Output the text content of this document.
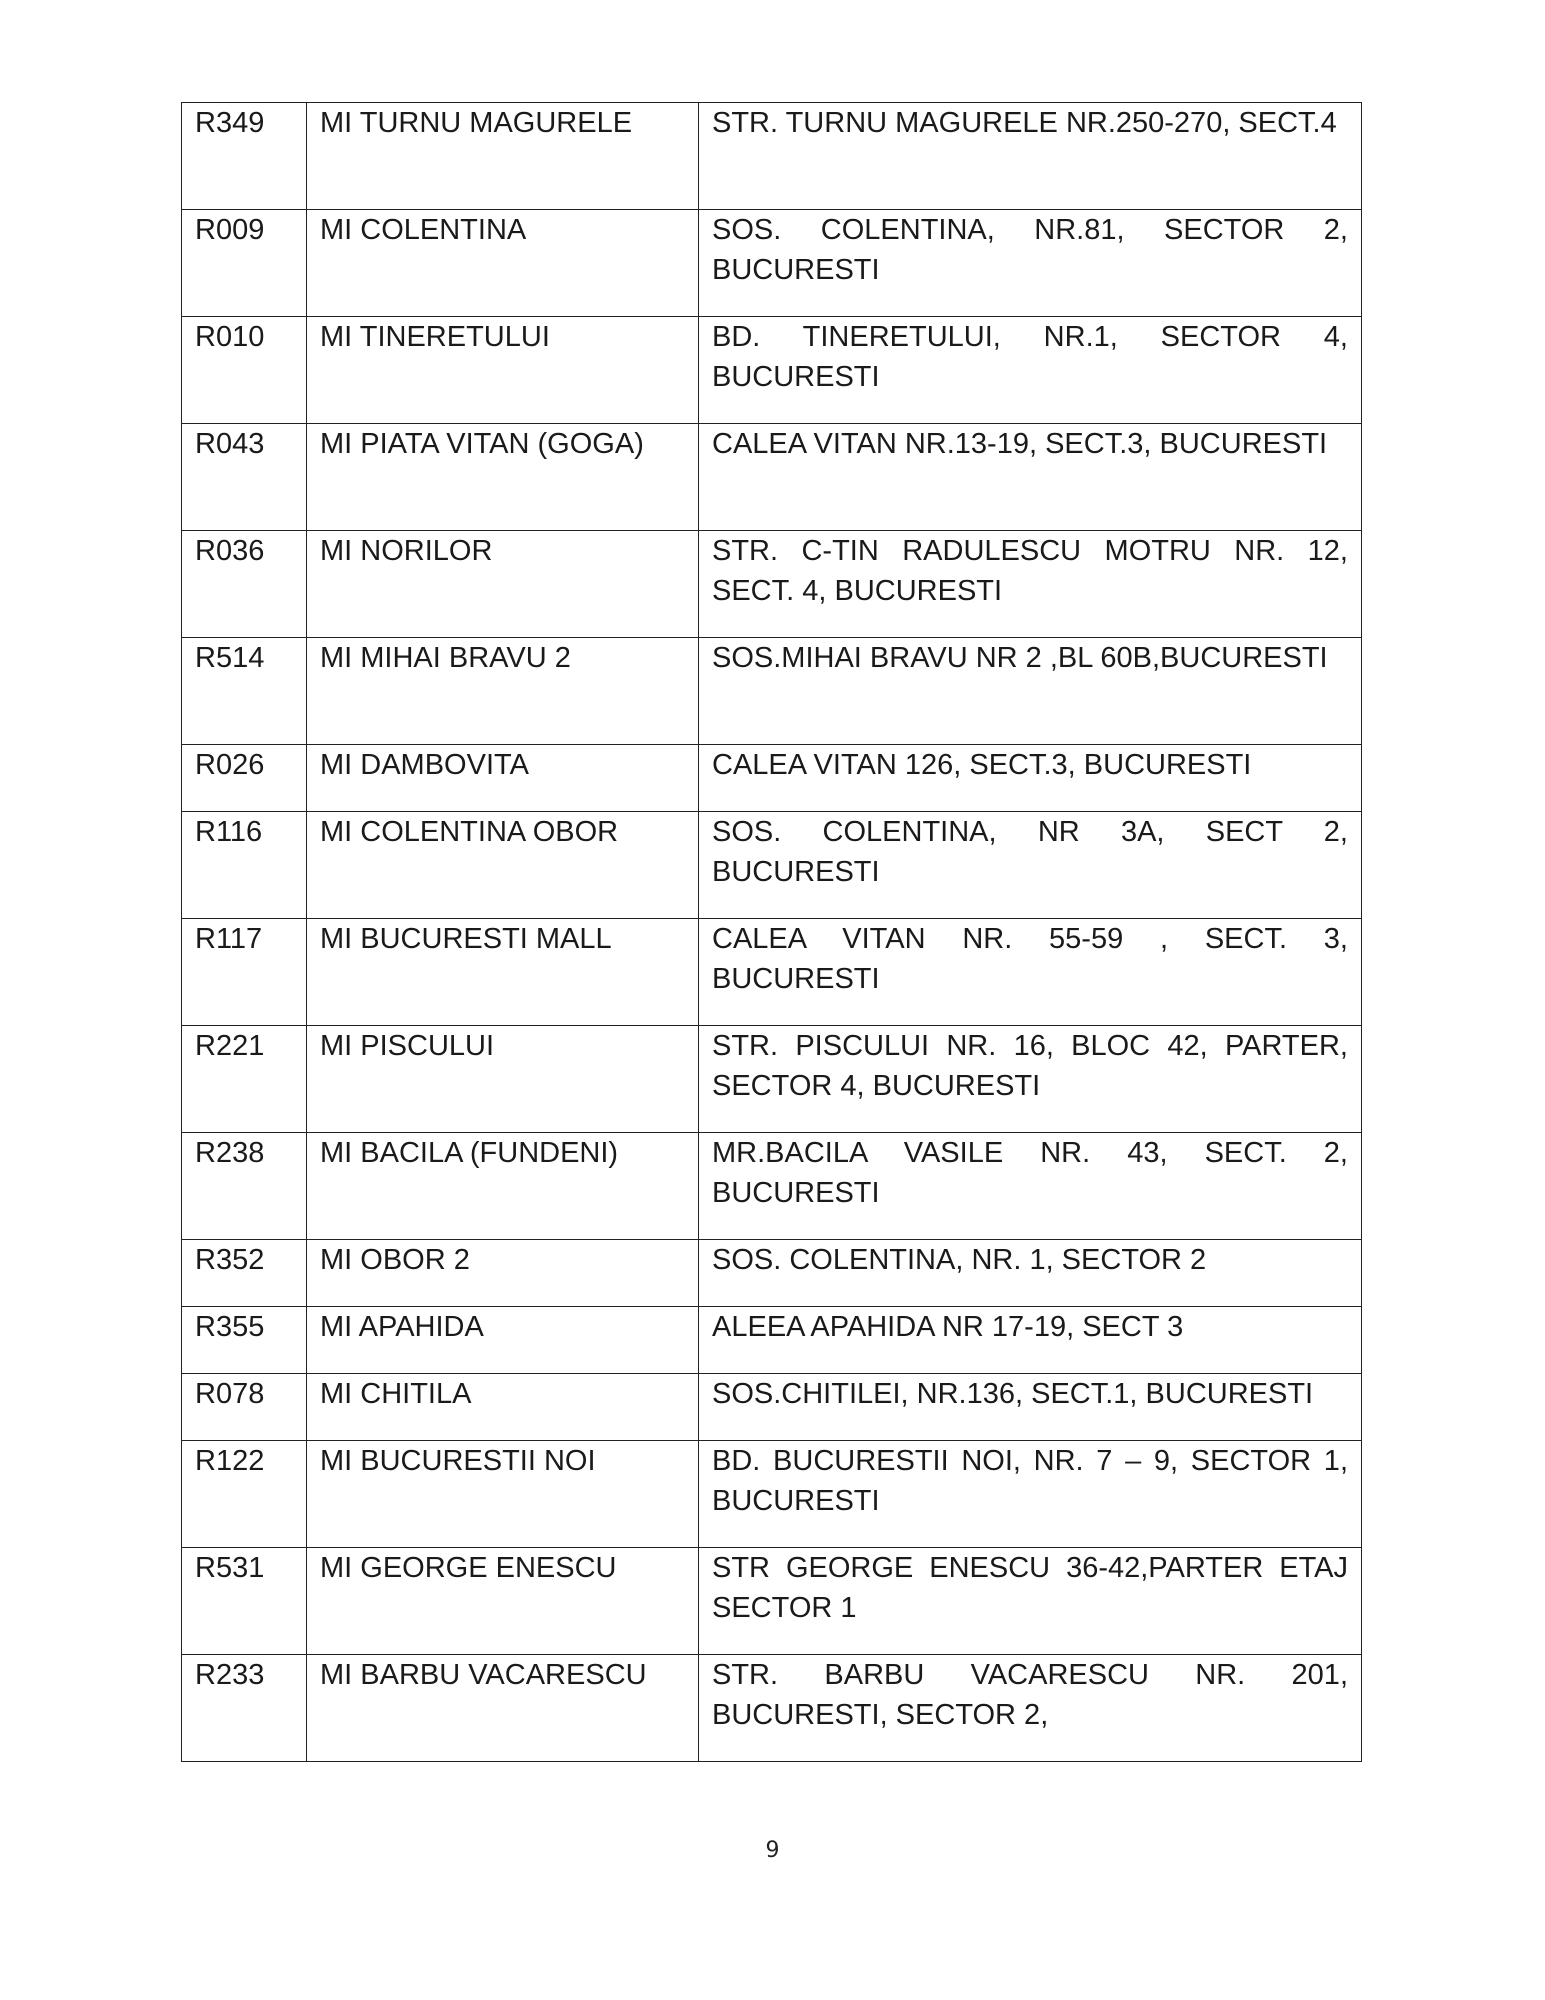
R349	MI TURNU MAGURELE	STR. TURNU MAGURELE NR.250-270, SECT.4
R009	MI COLENTINA	SOS. COLENTINA, NR.81, SECTOR 2, BUCURESTI
R010	MI TINERETULUI	BD. TINERETULUI, NR.1, SECTOR 4, BUCURESTI
R043	MI PIATA VITAN (GOGA)	CALEA VITAN NR.13-19, SECT.3, BUCURESTI
R036	MI NORILOR	STR. C-TIN RADULESCU MOTRU NR. 12, SECT. 4, BUCURESTI
R514	MI MIHAI BRAVU 2	SOS.MIHAI BRAVU NR 2 ,BL 60B,BUCURESTI
R026	MI DAMBOVITA	CALEA VITAN 126, SECT.3, BUCURESTI
R116	MI COLENTINA OBOR	SOS. COLENTINA, NR 3A, SECT 2, BUCURESTI
R117	MI BUCURESTI MALL	CALEA VITAN NR. 55-59 , SECT. 3, BUCURESTI
R221	MI PISCULUI	STR. PISCULUI NR. 16, BLOC 42, PARTER, SECTOR 4, BUCURESTI
R238	MI BACILA (FUNDENI)	MR.BACILA VASILE NR. 43, SECT. 2, BUCURESTI
R352	MI OBOR 2	SOS. COLENTINA, NR. 1, SECTOR 2
R355	MI APAHIDA	ALEEA APAHIDA NR 17-19, SECT 3
R078	MI CHITILA	SOS.CHITILEI, NR.136, SECT.1, BUCURESTI
R122	MI BUCURESTII NOI	BD. BUCURESTII NOI, NR. 7 – 9, SECTOR 1, BUCURESTI
R531	MI GEORGE ENESCU	STR GEORGE ENESCU 36-42,PARTER ETAJ SECTOR 1
R233	MI BARBU VACARESCU	STR. BARBU VACARESCU NR. 201, BUCURESTI, SECTOR 2,
9
